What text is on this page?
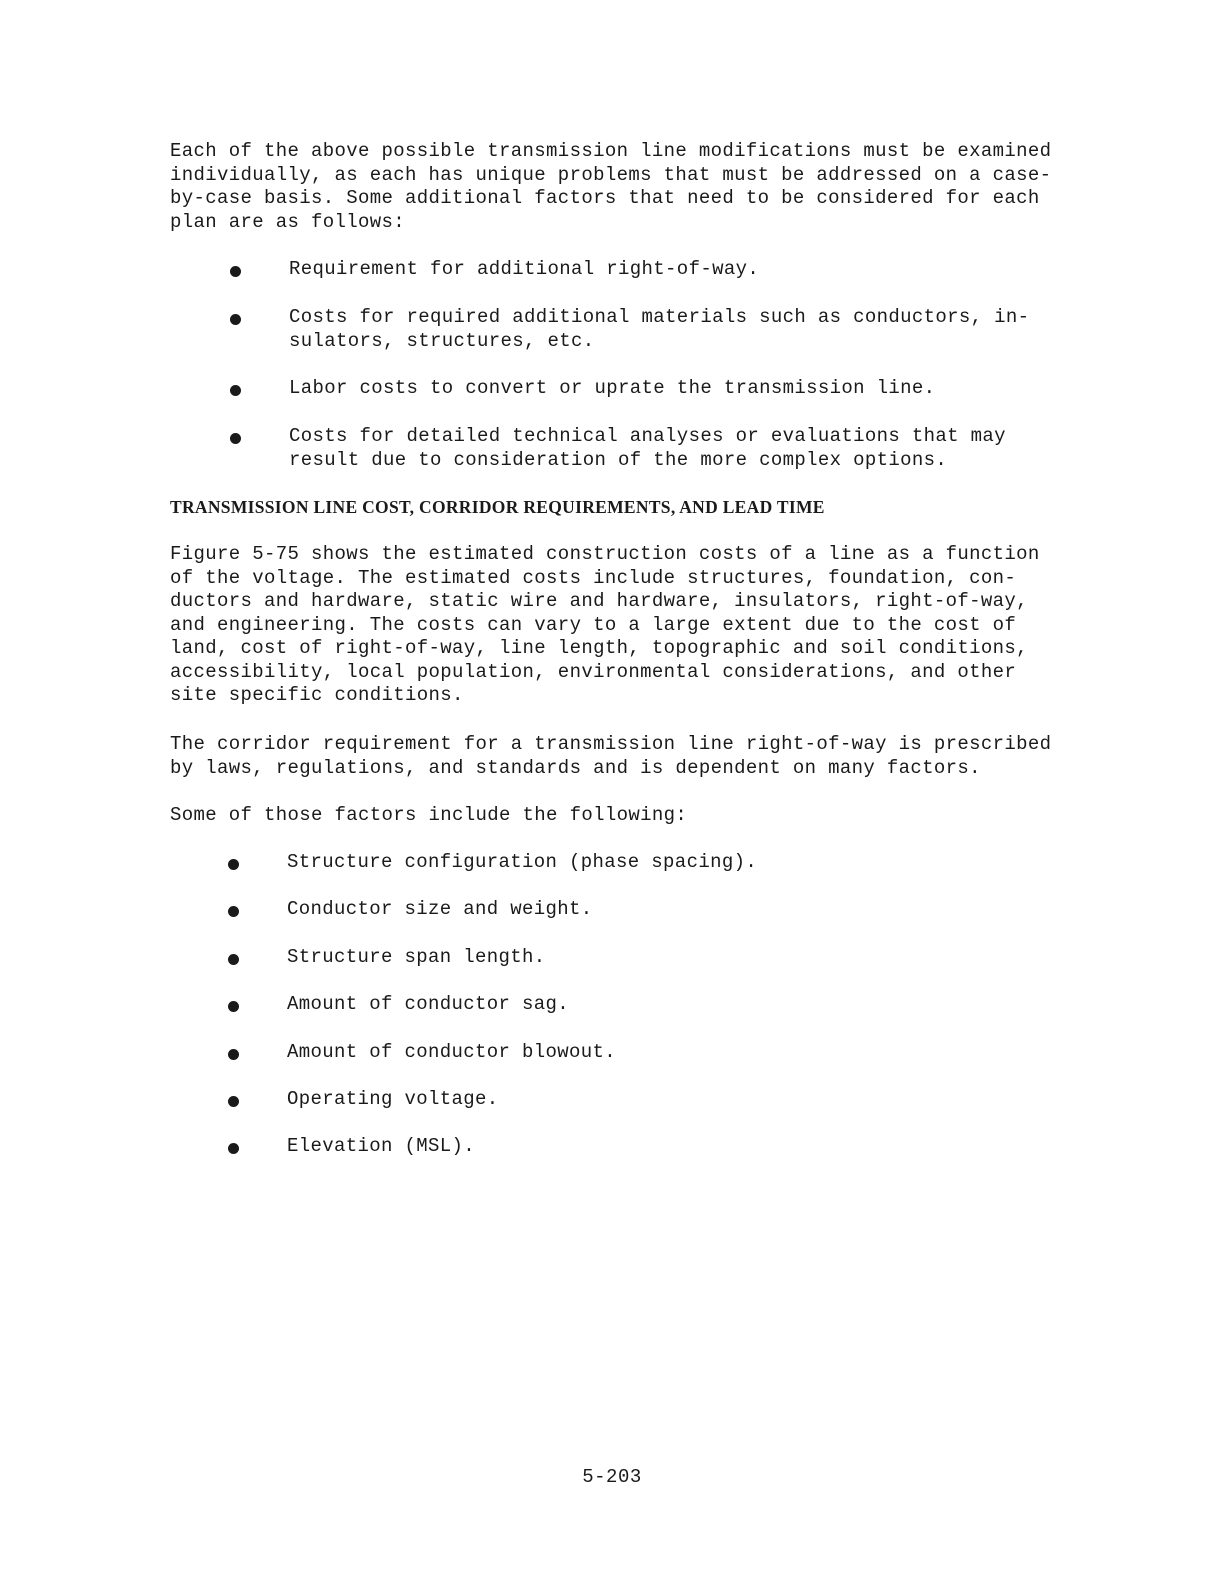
Each of the above possible transmission line modifications must be examined
individually, as each has unique problems that must be addressed on a case-
by-case basis. Some additional factors that need to be considered for each
plan are as follows:

Requirement for additional right-of-way.
Costs for required additional materials such as conductors, in-
sulators, structures, etc.
Labor costs to convert or uprate the transmission line.
Costs for detailed technical analyses or evaluations that may
result due to consideration of the more complex options.
TRANSMISSION LINE COST, CORRIDOR REQUIREMENTS, AND LEAD TIME

Figure 5-75 shows the estimated construction costs of a line as a function
of the voltage. The estimated costs include structures, foundation, con-
ductors and hardware, static wire and hardware, insulators, right-of-way,
and engineering. The costs can vary to a large extent due to the cost of
land, cost of right-of-way, line length, topographic and soil conditions,
accessibility, local population, environmental considerations, and other
site specific conditions.

The corridor requirement for a transmission line right-of-way is prescribed
by laws, regulations, and standards and is dependent on many factors.

Some of those factors include the following:

Structure configuration (phase spacing).
Conductor size and weight.
Structure span length.
Amount of conductor sag.
Amount of conductor blowout.
Operating voltage.
Elevation (MSL).
5-203
